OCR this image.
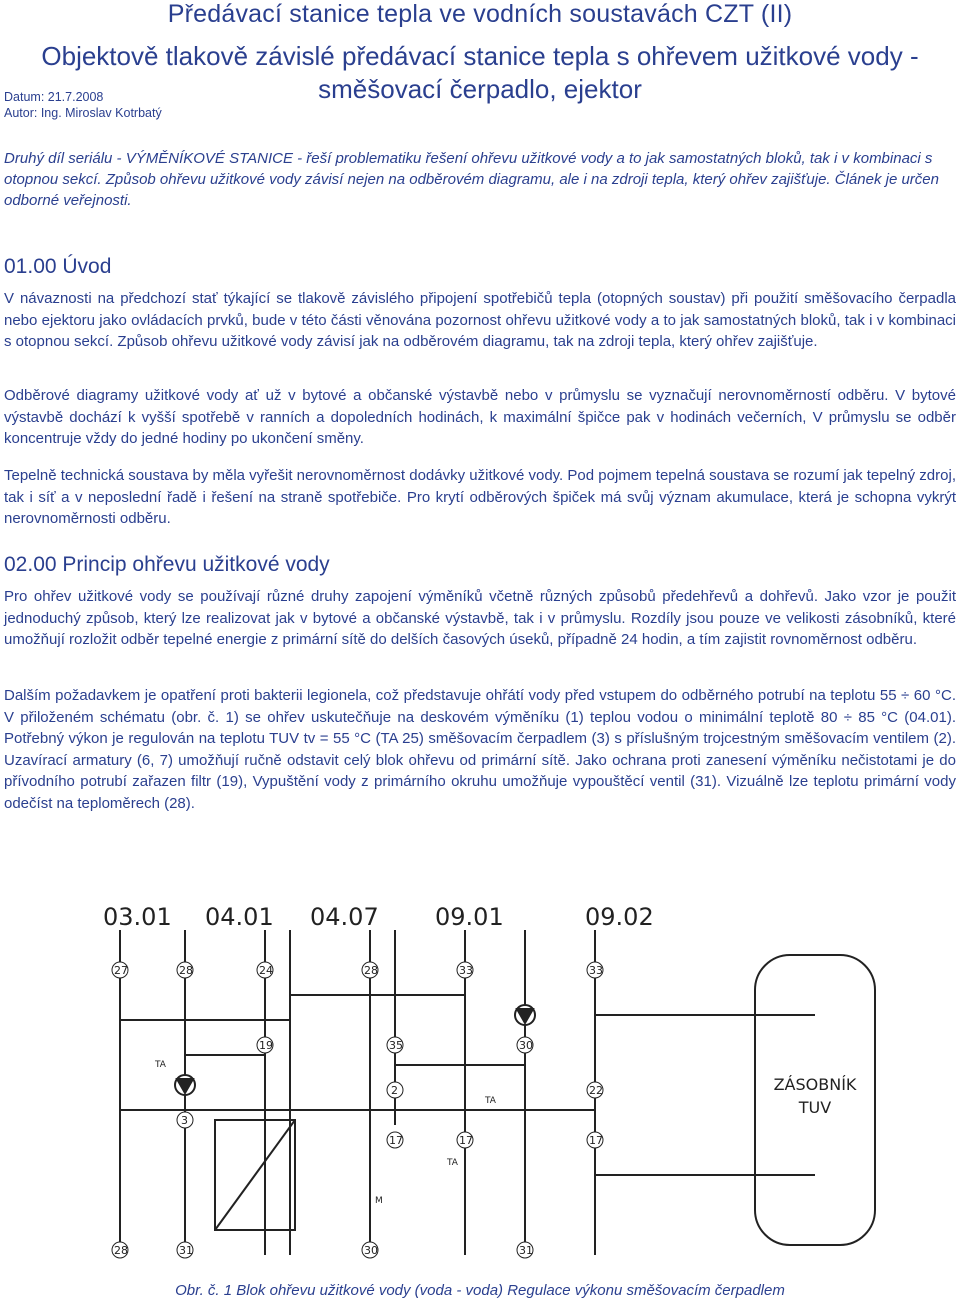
Předávací stanice tepla ve vodních soustavách CZT (II)
Objektově tlakově závislé předávací stanice tepla s ohřevem užitkové vody - směšovací čerpadlo, ejektor
Datum: 21.7.2008
Autor: Ing. Miroslav Kotrbatý
Druhý díl seriálu - VÝMĚNÍKOVÉ STANICE - řeší problematiku řešení ohřevu užitkové vody a to jak samostatných bloků, tak i v kombinaci s otopnou sekcí. Způsob ohřevu užitkové vody závisí nejen na odběrovém diagramu, ale i na zdroji tepla, který ohřev zajišťuje. Článek je určen odborné veřejnosti.
01.00 Úvod
V návaznosti na předchozí stať týkající se tlakově závislého připojení spotřebičů tepla (otopných soustav) při použití směšovacího čerpadla nebo ejektoru jako ovládacích prvků, bude v této části věnována pozornost ohřevu užitkové vody a to jak samostatných bloků, tak i v kombinaci s otopnou sekcí. Způsob ohřevu užitkové vody závisí jak na odběrovém diagramu, tak na zdroji tepla, který ohřev zajišťuje.
Odběrové diagramy užitkové vody ať už v bytové a občanské výstavbě nebo v průmyslu se vyznačují nerovnoměrností odběru. V bytové výstavbě dochází k vyšší spotřebě v ranních a dopoledních hodinách, k maximální špičce pak v hodinách večerních, V průmyslu se odběr koncentruje vždy do jedné hodiny po ukončení směny.
Tepelně technická soustava by měla vyřešit nerovnoměrnost dodávky užitkové vody. Pod pojmem tepelná soustava se rozumí jak tepelný zdroj, tak i síť a v neposlední řadě i řešení na straně spotřebiče. Pro krytí odběrových špiček má svůj význam akumulace, která je schopna vykrýt nerovnoměrnosti odběru.
02.00 Princip ohřevu užitkové vody
Pro ohřev užitkové vody se používají různé druhy zapojení výměníků včetně různých způsobů předehřevů a dohřevů. Jako vzor je použit jednoduchý způsob, který lze realizovat jak v bytové a občanské výstavbě, tak i v průmyslu. Rozdíly jsou pouze ve velikosti zásobníků, které umožňují rozložit odběr tepelné energie z primární sítě do delších časových úseků, případně 24 hodin, a tím zajistit rovnoměrnost odběru.
Dalším požadavkem je opatření proti bakterii legionela, což představuje ohřátí vody před vstupem do odběrného potrubí na teplotu 55 ÷ 60 °C. V přiloženém schématu (obr. č. 1) se ohřev uskutečňuje na deskovém výměníku (1) teplou vodou o minimální teplotě 80 ÷ 85 °C (04.01). Potřebný výkon je regulován na teplotu TUV tv = 55 °C (TA 25) směšovacím čerpadlem (3) s příslušným trojcestným směšovacím ventilem (2). Uzavírací armatury (6, 7) umožňují ručně odstavit celý blok ohřevu od primární sítě. Jako ochrana proti zanesení výměníku nečistotami je do přívodního potrubí zařazen filtr (19), Vypuštění vody z primárního okruhu umožňuje vypouštěcí ventil (31). Vizuálně lze teplotu primární vody odečíst na teploměrech (28).
03.01 04.01 04.07 09.01	09.02
ZÁSOBNÍK
TUV
27	28	24	28	33	33
19	35	30
3
17	17	17
2	22
31	30	31
28
TA
TA
TA
M
Obr. č. 1 Blok ohřevu užitkové vody (voda - voda) Regulace výkonu směšovacím čerpadlem
